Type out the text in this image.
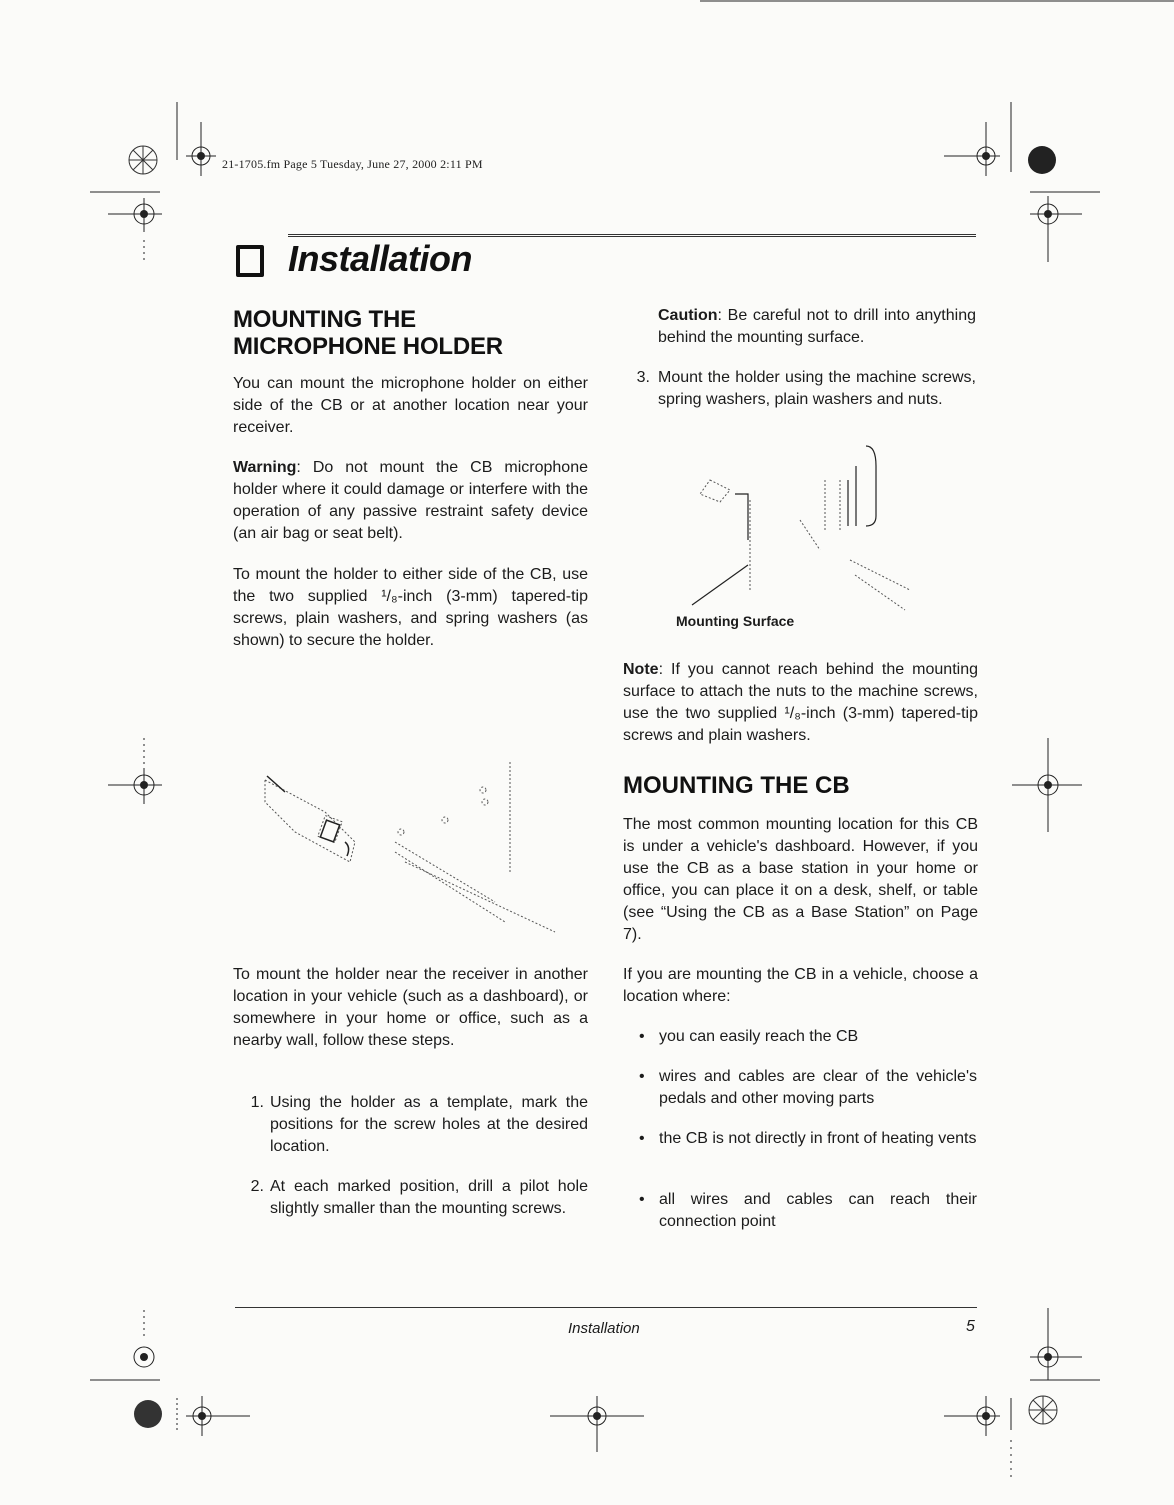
21-1705.fm Page 5 Tuesday, June 27, 2000 2:11 PM
Installation
MOUNTING THE MICROPHONE HOLDER

You can mount the microphone holder on either side of the CB or at another location near your receiver.

Warning: Do not mount the CB microphone holder where it could damage or interfere with the operation of any passive restraint safety device (an air bag or seat belt).

To mount the holder to either side of the CB, use the two supplied ¹/₈-inch (3-mm) tapered-tip screws, plain washers, and spring washers (as shown) to secure the holder.

To mount the holder near the receiver in another location in your vehicle (such as a dashboard), or somewhere in your home or office, such as a nearby wall, follow these steps.

1. Using the holder as a template, mark the positions for the screw holes at the desired location.
2. At each marked position, drill a pilot hole slightly smaller than the mounting screws.

Caution: Be careful not to drill into anything behind the mounting surface.

3. Mount the holder using the machine screws, spring washers, plain washers and nuts.
Mounting Surface

Note: If you cannot reach behind the mounting surface to attach the nuts to the machine screws, use the two supplied ¹/₈-inch (3-mm) tapered-tip screws and plain washers.

MOUNTING THE CB

The most common mounting location for this CB is under a vehicle's dashboard. However, if you use the CB as a base station in your home or office, you can place it on a desk, shelf, or table (see “Using the CB as a Base Station” on Page 7).

If you are mounting the CB in a vehicle, choose a location where:

• you can easily reach the CB
• wires and cables are clear of the vehicle's pedals and other moving parts
• the CB is not directly in front of heating vents
• all wires and cables can reach their connection point
Installation	5
